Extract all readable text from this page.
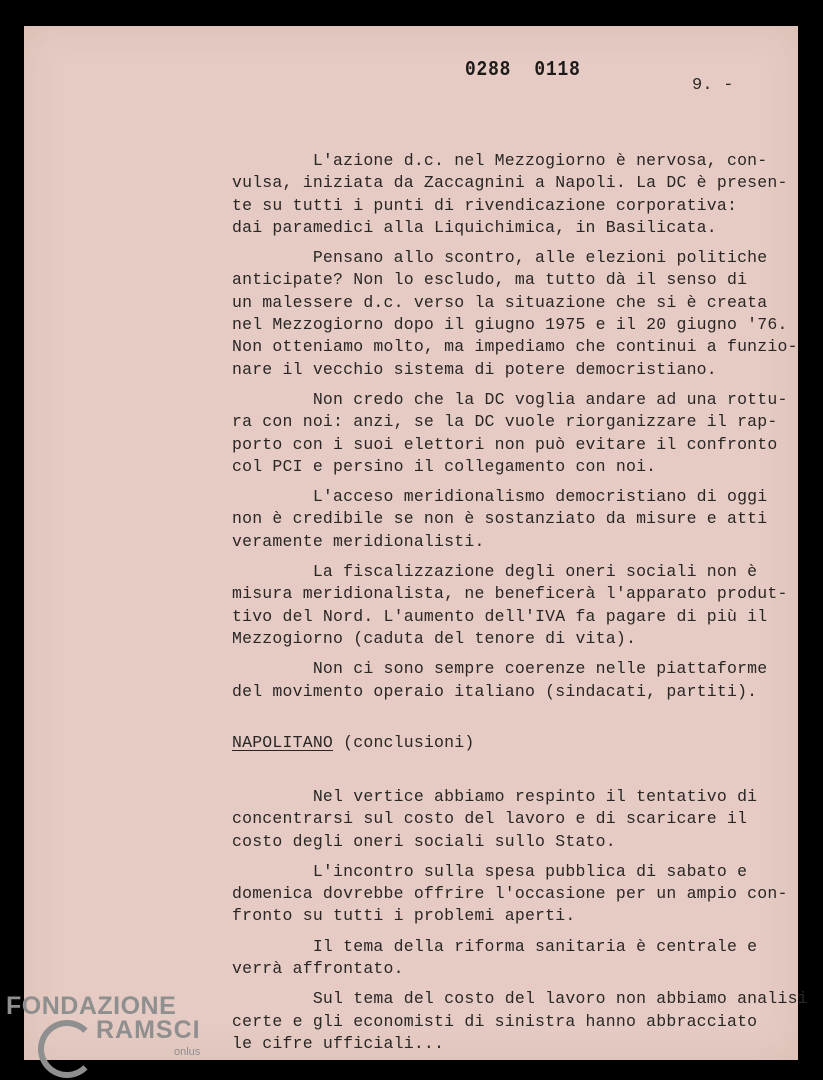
0288 0118
9. -
L'azione d.c. nel Mezzogiorno è nervosa, con-
vulsa, iniziata da Zaccagnini a Napoli. La DC è presen-
te su tutti i punti di rivendicazione corporativa:
dai paramedici alla Liquichimica, in Basilicata.
Pensano allo scontro, alle elezioni politiche
anticipate? Non lo escludo, ma tutto dà il senso di
un malessere d.c. verso la situazione che si è creata
nel Mezzogiorno dopo il giugno 1975 e il 20 giugno '76.
Non otteniamo molto, ma impediamo che continui a funzio-
nare il vecchio sistema di potere democristiano.
Non credo che la DC voglia andare ad una rottu-
ra con noi: anzi, se la DC vuole riorganizzare il rap-
porto con i suoi elettori non può evitare il confronto
col PCI e persino il collegamento con noi.
L'acceso meridionalismo democristiano di oggi
non è credibile se non è sostanziato da misure e atti
veramente meridionalisti.
La fiscalizzazione degli oneri sociali non è
misura meridionalista, ne beneficerà l'apparato produt-
tivo del Nord. L'aumento dell'IVA fa pagare di più il
Mezzogiorno (caduta del tenore di vita).
Non ci sono sempre coerenze nelle piattaforme
del movimento operaio italiano (sindacati, partiti).
NAPOLITANO (conclusioni)
Nel vertice abbiamo respinto il tentativo di
concentrarsi sul costo del lavoro e di scaricare il
costo degli oneri sociali sullo Stato.
L'incontro sulla spesa pubblica di sabato e
domenica dovrebbe offrire l'occasione per un ampio con-
fronto su tutti i problemi aperti.
Il tema della riforma sanitaria è centrale e
verrà affrontato.
Sul tema del costo del lavoro non abbiamo analisi
certe e gli economisti di sinistra hanno abbracciato
le cifre ufficiali...
FONDAZIONE
RAMSCI
onlus
